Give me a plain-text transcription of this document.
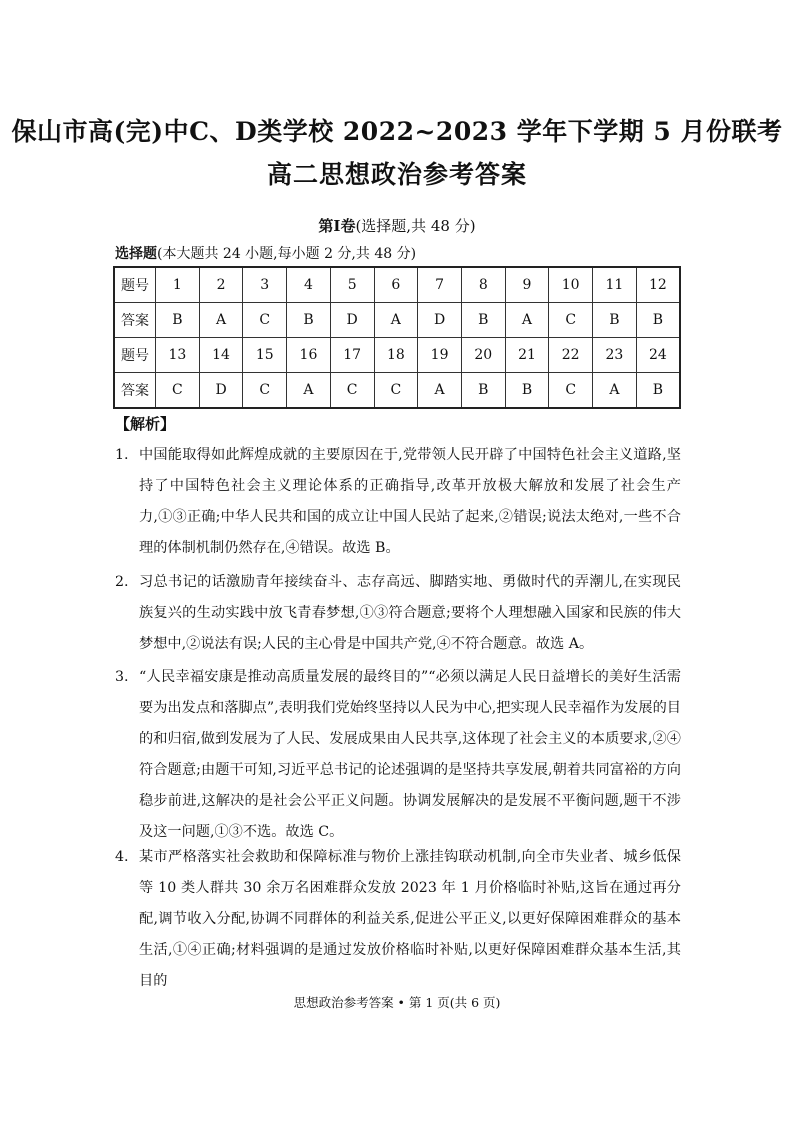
保山市高(完)中C、D类学校 2022~2023 学年下学期 5 月份联考
高二思想政治参考答案
第Ⅰ卷(选择题,共 48 分)
选择题(本大题共 24 小题,每小题 2 分,共 48 分)
题号	1	2	3	4	5	6	7	8	9	10	11	12
答案	B	A	C	B	D	A	D	B	A	C	B	B
题号	13	14	15	16	17	18	19	20	21	22	23	24
答案	C	D	C	A	C	C	A	B	B	C	A	B
【解析】
1. 中国能取得如此辉煌成就的主要原因在于,党带领人民开辟了中国特色社会主义道路,坚持了中国特色社会主义理论体系的正确指导,改革开放极大解放和发展了社会生产力,①③正确;中华人民共和国的成立让中国人民站了起来,②错误;说法太绝对,一些不合理的体制机制仍然存在,④错误。故选 B。
2. 习总书记的话激励青年接续奋斗、志存高远、脚踏实地、勇做时代的弄潮儿,在实现民族复兴的生动实践中放飞青春梦想,①③符合题意;要将个人理想融入国家和民族的伟大梦想中,②说法有误;人民的主心骨是中国共产党,④不符合题意。故选 A。
3. “人民幸福安康是推动高质量发展的最终目的”“必须以满足人民日益增长的美好生活需要为出发点和落脚点”,表明我们党始终坚持以人民为中心,把实现人民幸福作为发展的目的和归宿,做到发展为了人民、发展成果由人民共享,这体现了社会主义的本质要求,②④符合题意;由题干可知,习近平总书记的论述强调的是坚持共享发展,朝着共同富裕的方向稳步前进,这解决的是社会公平正义问题。协调发展解决的是发展不平衡问题,题干不涉及这一问题,①③不选。故选 C。
4. 某市严格落实社会救助和保障标准与物价上涨挂钩联动机制,向全市失业者、城乡低保等 10 类人群共 30 余万名困难群众发放 2023 年 1 月价格临时补贴,这旨在通过再分配,调节收入分配,协调不同群体的利益关系,促进公平正义,以更好保障困难群众的基本生活,①④正确;材料强调的是通过发放价格临时补贴,以更好保障困难群众基本生活,其目的
思想政治参考答案 • 第 1 页(共 6 页)
